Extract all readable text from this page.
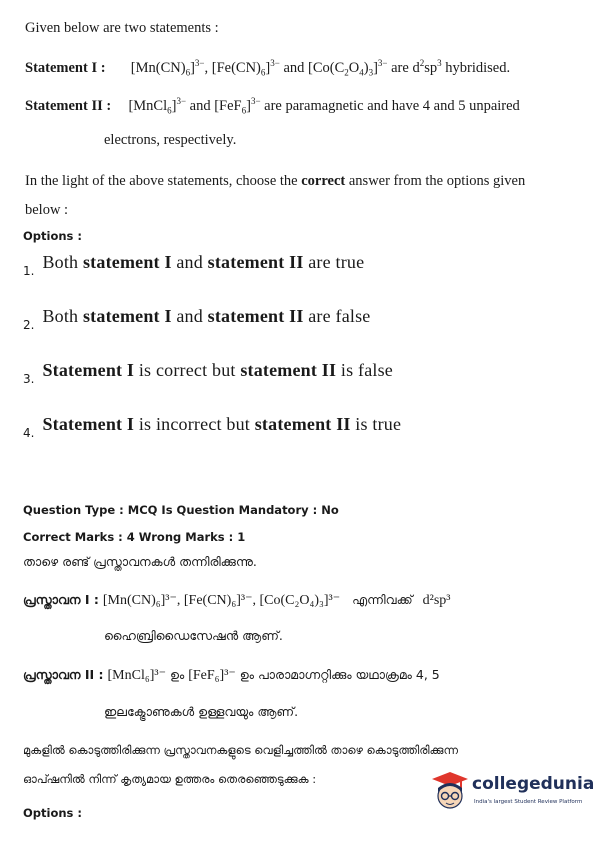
Given below are two statements :
Statement I : $[Mn(CN)_6]^{3-}$, $[Fe(CN)_6]^{3-}$ and $[Co(C_2O_4)_3]^{3-}$ are $d^2sp^3$ hybridised.
Statement II : [MnCl$_6$]$^{3-}$ and $[FeF_6]^{3-}$ are paramagnetic and have 4 and 5 unpaired
electrons, respectively.
In the light of the above statements, choose the correct answer from the options given
below :
Options :
$_{1.}$ Both statement I and statement II are true
$_{2.}$ Both statement I and statement II are false
$_{3.}$ Statement I is correct but statement II is false
$_{4.}$ Statement I is incorrect but statement II is true
Question Type : MCQ Is Question Mandatory : No
Correct Marks : 4 Wrong Marks : 1
താഴെ രണ്ട് പ്രസ്താവനകൾ തന്നിരിക്കുന്നു.
പ്രസ്താവന I : [Mn(CN)₆]³⁻, [Fe(CN)₆]³⁻, [Co(C₂O₄)₃]³⁻ എന്നിവക്ക് d²sp³
ഹൈബ്രിഡൈസേഷൻ ആണ്.
പ്രസ്താവന II : [MnCl₆]³⁻ ഉം [FeF₆]³⁻ ഉം പാരാമാഗ്നറ്റിക്കും യഥാക്രമം 4, 5
ഇലക്ട്രോണുകൾ ഉള്ളവയും ആണ്.
മുകളിൽ കൊടുത്തിരിക്കുന്ന പ്രസ്താവനകളുടെ വെളിച്ചത്തിൽ താഴെ കൊടുത്തിരിക്കുന്ന
ഓപ്ഷനിൽ നിന്ന് കൃത്യമായ ഉത്തരം തെരഞ്ഞെടുക്കുക :
Options :
collegedunia
India's largest Student Review Platform
